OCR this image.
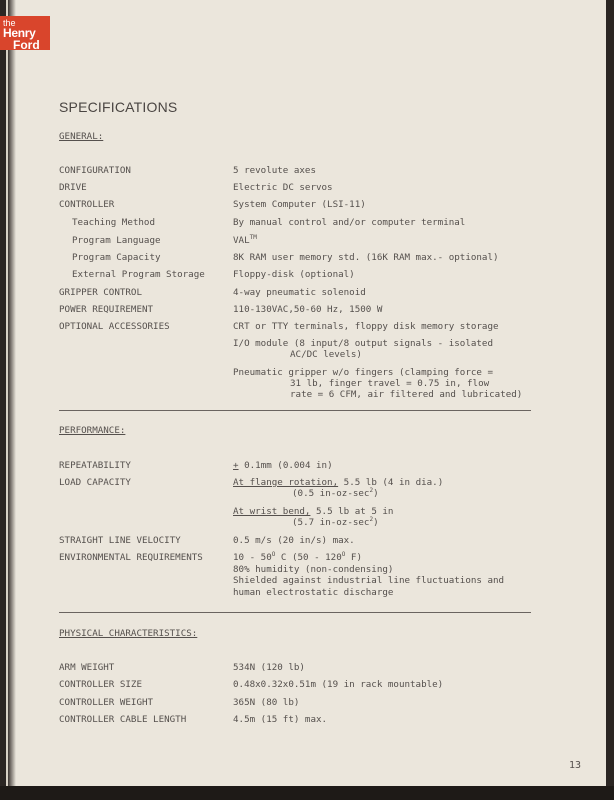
the
Henry
Ford
SPECIFICATIONS
GENERAL:
CONFIGURATION	5 revolute axes
DRIVE	Electric DC servos
CONTROLLER	System Computer (LSI-11)
Teaching Method	By manual control and/or computer terminal
Program Language	VAL™
Program Capacity	8K RAM user memory std. (16K RAM max.- optional)
External Program Storage	Floppy-disk (optional)
GRIPPER CONTROL	4-way pneumatic solenoid
POWER REQUIREMENT	110-130VAC,50-60 Hz, 1500 W
OPTIONAL ACCESSORIES	CRT or TTY terminals, floppy disk memory storage
I/O module (8 input/8 output signals - isolated
AC/DC levels)
Pneumatic gripper w/o fingers (clamping force =
31 lb, finger travel = 0.75 in, flow
rate = 6 CFM, air filtered and lubricated)
PERFORMANCE:
REPEATABILITY	+ 0.1mm (0.004 in)
LOAD CAPACITY	At flange rotation, 5.5 lb (4 in dia.)
(0.5 $in-oz-\sec^2$)
At wrist bend, 5.5 lb at 5 in
(5.7 $in-oz-\sec^2$)
STRAIGHT LINE VELOCITY	0.5 m/s (20 in/s) max.
ENVIRONMENTAL REQUIREMENTS	$10 - 50^O$ C ($50 - 120^O$ F)
80% humidity (non-condensing)
Shielded against industrial line fluctuations and
human electrostatic discharge
PHYSICAL CHARACTERISTICS:
ARM WEIGHT	534N (120 lb)
CONTROLLER SIZE	0.48x0.32x0.51m (19 in rack mountable)
CONTROLLER WEIGHT	365N (80 lb)
CONTROLLER CABLE LENGTH	4.5m (15 ft) max.
13
